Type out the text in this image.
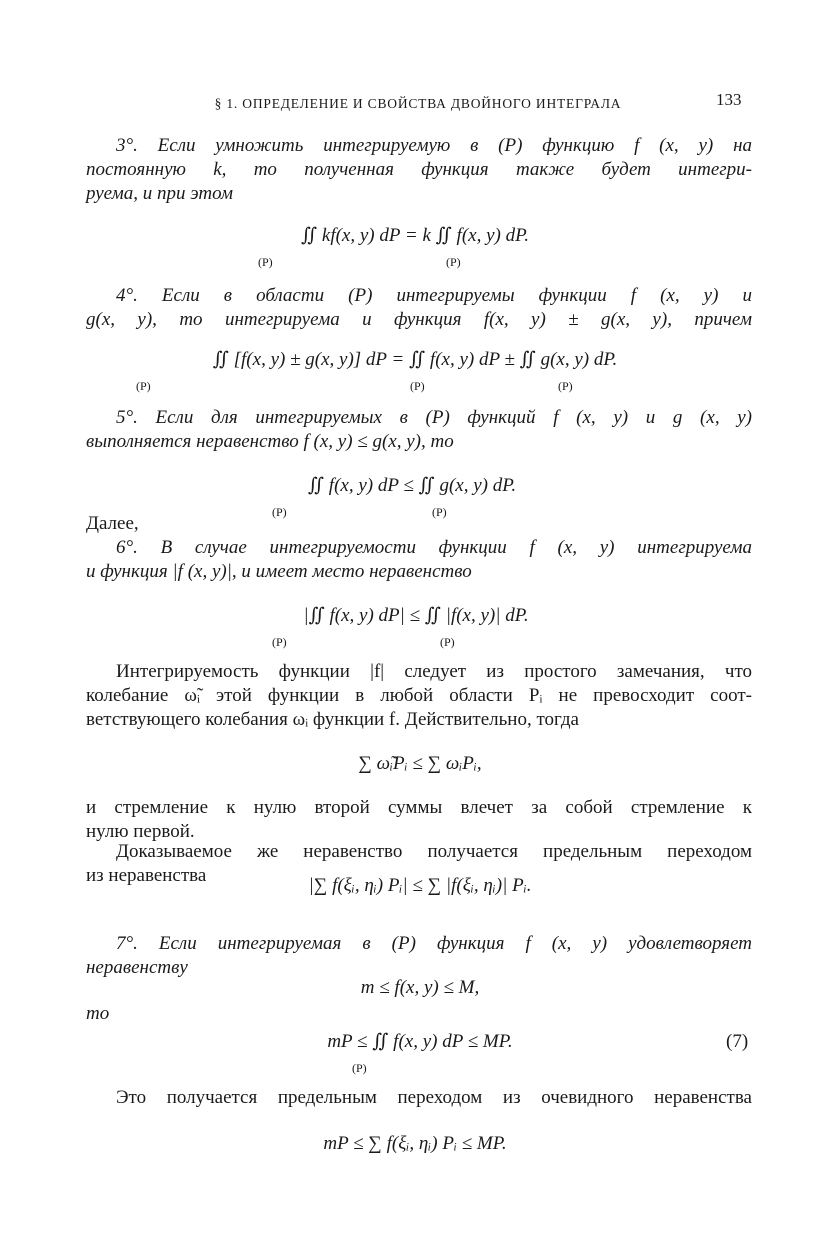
§ 1. ОПРЕДЕЛЕНИЕ И СВОЙСТВА ДВОЙНОГО ИНТЕГРАЛА	133
3°. Если умножить интегрируемую в (P) функцию f (x, y) на
постоянную k, то полученная функция также будет интегри-
руема, и при этом
∬ kf(x, y) dP = k ∬ f(x, y) dP.
(P)	(P)
4°. Если в области (P) интегрируемы функции f (x, y) и
g(x, y), то интегрируема и функция f(x, y) ± g(x, y), причем
∬ [f(x, y) ± g(x, y)] dP = ∬ f(x, y) dP ± ∬ g(x, y) dP.
(P)	(P)	(P)
5°. Если для интегрируемых в (P) функций f (x, y) и g (x, y)
выполняется неравенство f (x, y) ≤ g(x, y), то
∬ f(x, y) dP ≤ ∬ g(x, y) dP.
(P)	(P)
Далее,
6°. В случае интегрируемости функции f (x, y) интегрируема
и функция |f (x, y)|, и имеет место неравенство
|∬ f(x, y) dP| ≤ ∬ |f(x, y)| dP.
(P)	(P)
Интегрируемость функции |f| следует из простого замечания, что
колебание ω̃ᵢ этой функции в любой области Pᵢ не превосходит соот-
ветствующего колебания ωᵢ функции f. Действительно, тогда
∑ ω̃ᵢPᵢ ≤ ∑ ωᵢPᵢ,
и стремление к нулю второй суммы влечет за собой стремление к
нулю первой.
Доказываемое же неравенство получается предельным переходом
из неравенства	|∑ f(ξᵢ, ηᵢ) Pᵢ| ≤ ∑ |f(ξᵢ, ηᵢ)| Pᵢ.
7°. Если интегрируемая в (P) функция f (x, y) удовлетворяет
неравенству
m ≤ f(x, y) ≤ M,
то
mP ≤ ∬ f(x, y) dP ≤ MP.
(P)
(7)
Это получается предельным переходом из очевидного неравенства
mP ≤ ∑ f(ξᵢ, ηᵢ) Pᵢ ≤ MP.
